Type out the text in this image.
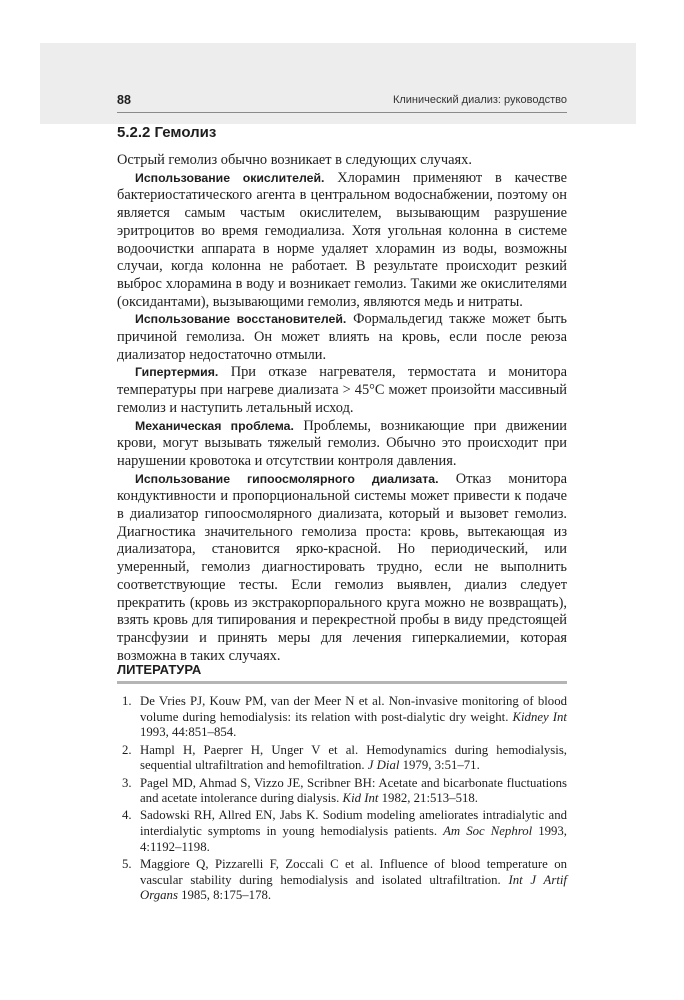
88	Клинический диализ: руководство
5.2.2 Гемолиз

Острый гемолиз обычно возникает в следующих случаях.

Использование окислителей. Хлорамин применяют в качестве бактериостатического агента в центральном водоснабжении, поэтому он является самым частым окислителем, вызывающим разрушение эритроцитов во время гемодиализа. Хотя угольная колонна в системе водоочистки аппарата в норме удаляет хлорамин из воды, возможны случаи, когда колонна не работает. В результате происходит резкий выброс хлорамина в воду и возникает гемолиз. Такими же окислителями (оксидантами), вызывающими гемолиз, являются медь и нитраты.

Использование восстановителей. Формальдегид также может быть причиной гемолиза. Он может влиять на кровь, если после реюза диализатор недостаточно отмыли.

Гипертермия. При отказе нагревателя, термостата и монитора температуры при нагреве диализата > 45°C может произойти массивный гемолиз и наступить летальный исход.

Механическая проблема. Проблемы, возникающие при движении крови, могут вызывать тяжелый гемолиз. Обычно это происходит при нарушении кровотока и отсутствии контроля давления.

Использование гипоосмолярного диализата. Отказ монитора кондуктивности и пропорциональной системы может привести к подаче в диализатор гипоосмолярного диализата, который и вызовет гемолиз. Диагностика значительного гемолиза проста: кровь, вытекающая из диализатора, становится ярко-красной. Но периодический, или умеренный, гемолиз диагностировать трудно, если не выполнить соответствующие тесты. Если гемолиз выявлен, диализ следует прекратить (кровь из экстракорпорального круга можно не возвращать), взять кровь для типирования и перекрестной пробы в виду предстоящей трансфузии и принять меры для лечения гиперкалиемии, которая возможна в таких случаях.

ЛИТЕРАТУРА
1. De Vries PJ, Kouw PM, van der Meer N et al. Non-invasive monitoring of blood volume during hemodialysis: its relation with post-dialytic dry weight. Kidney Int 1993, 44:851–854.
2. Hampl H, Paeprer H, Unger V et al. Hemodynamics during hemodialysis, sequential ultrafiltration and hemofiltration. J Dial 1979, 3:51–71.
3. Pagel MD, Ahmad S, Vizzo JE, Scribner BH: Acetate and bicarbonate fluctuations and acetate intolerance during dialysis. Kid Int 1982, 21:513–518.
4. Sadowski RH, Allred EN, Jabs K. Sodium modeling ameliorates intradialytic and interdialytic symptoms in young hemodialysis patients. Am Soc Nephrol 1993, 4:1192–1198.
5. Maggiore Q, Pizzarelli F, Zoccali C et al. Influence of blood temperature on vascular stability during hemodialysis and isolated ultrafiltration. Int J Artif Organs 1985, 8:175–178.
